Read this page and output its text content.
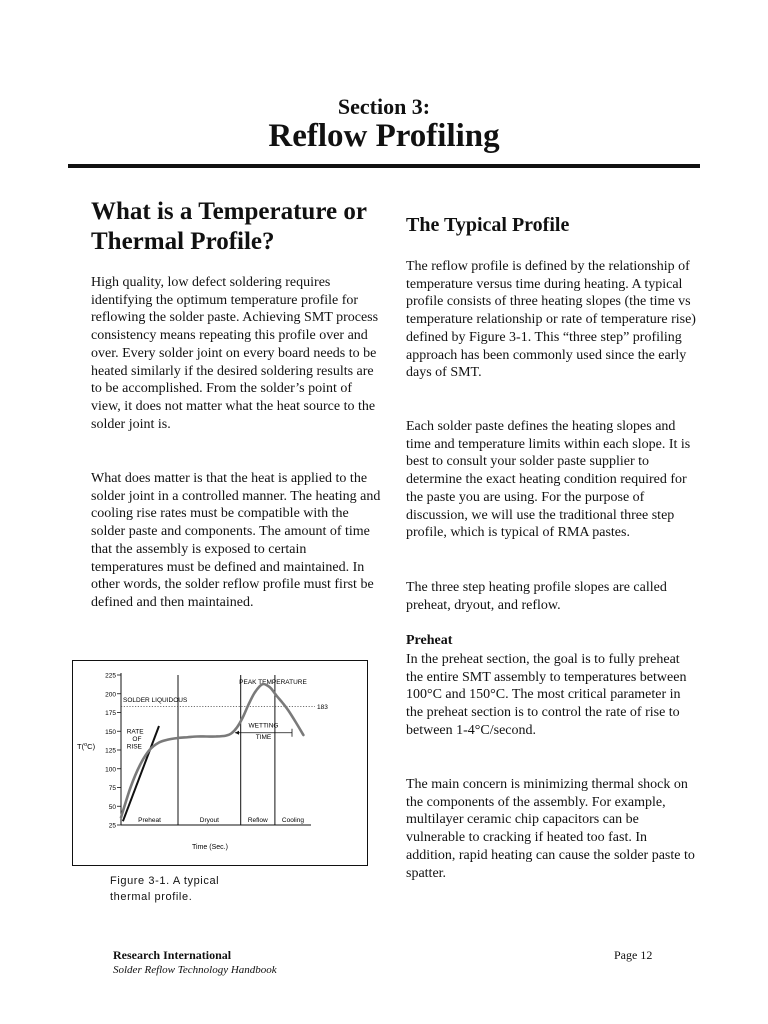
Section 3:
Reflow Profiling
What is a Temperature or Thermal Profile?
High quality, low defect soldering requires identifying the optimum temperature profile for reflowing the solder paste. Achieving SMT process consistency means repeating this profile over and over. Every solder joint on every board needs to be heated similarly if the desired soldering results are to be accomplished. From the solder’s point of view, it does not matter what the heat source to the solder joint is.
What does matter is that the heat is applied to the solder joint in a controlled manner. The heating and cooling rise rates must be compatible with the solder paste and components. The amount of time that the assembly is exposed to certain temperatures must be defined and maintained. In other words, the solder reflow profile must first be defined and then maintained.
The Typical Profile
The reflow profile is defined by the relationship of temperature versus time during heating. A typical profile consists of three heating slopes (the time vs temperature relationship or rate of temperature rise) defined by Figure 3-1. This “three step” profiling approach has been commonly used since the early days of SMT.
Each solder paste defines the heating slopes and time and temperature limits within each slope. It is best to consult your solder paste supplier to determine the exact heating condition required for the paste you are using. For the purpose of discussion, we will use the traditional three step profile, which is typical of RMA pastes.
The three step heating profile slopes are called preheat, dryout, and reflow.
Preheat
In the preheat section, the goal is to fully preheat the entire SMT assembly to temperatures between 100°C and 150°C. The most critical parameter in the preheat section is to control the rate of rise to between 1-4°C/second.
The main concern is minimizing thermal shock on the components of the assembly. For example, multilayer ceramic chip capacitors can be vulnerable to cracking if heated too fast. In addition, rapid heating can cause the solder paste to spatter.
Preheat	Dryout	Reflow Cooling
25
50
75
100
125
150
175
200
225
SOLDER LIQUIDOUS
183
PEAK TEMPERATURE
WETTING
TIME
RATE
OF
RISE
T($^o$C)
Time (Sec.)
Figure 3-1. A typical
thermal profile.
Research International
Solder Reflow Technology Handbook
Page 12
